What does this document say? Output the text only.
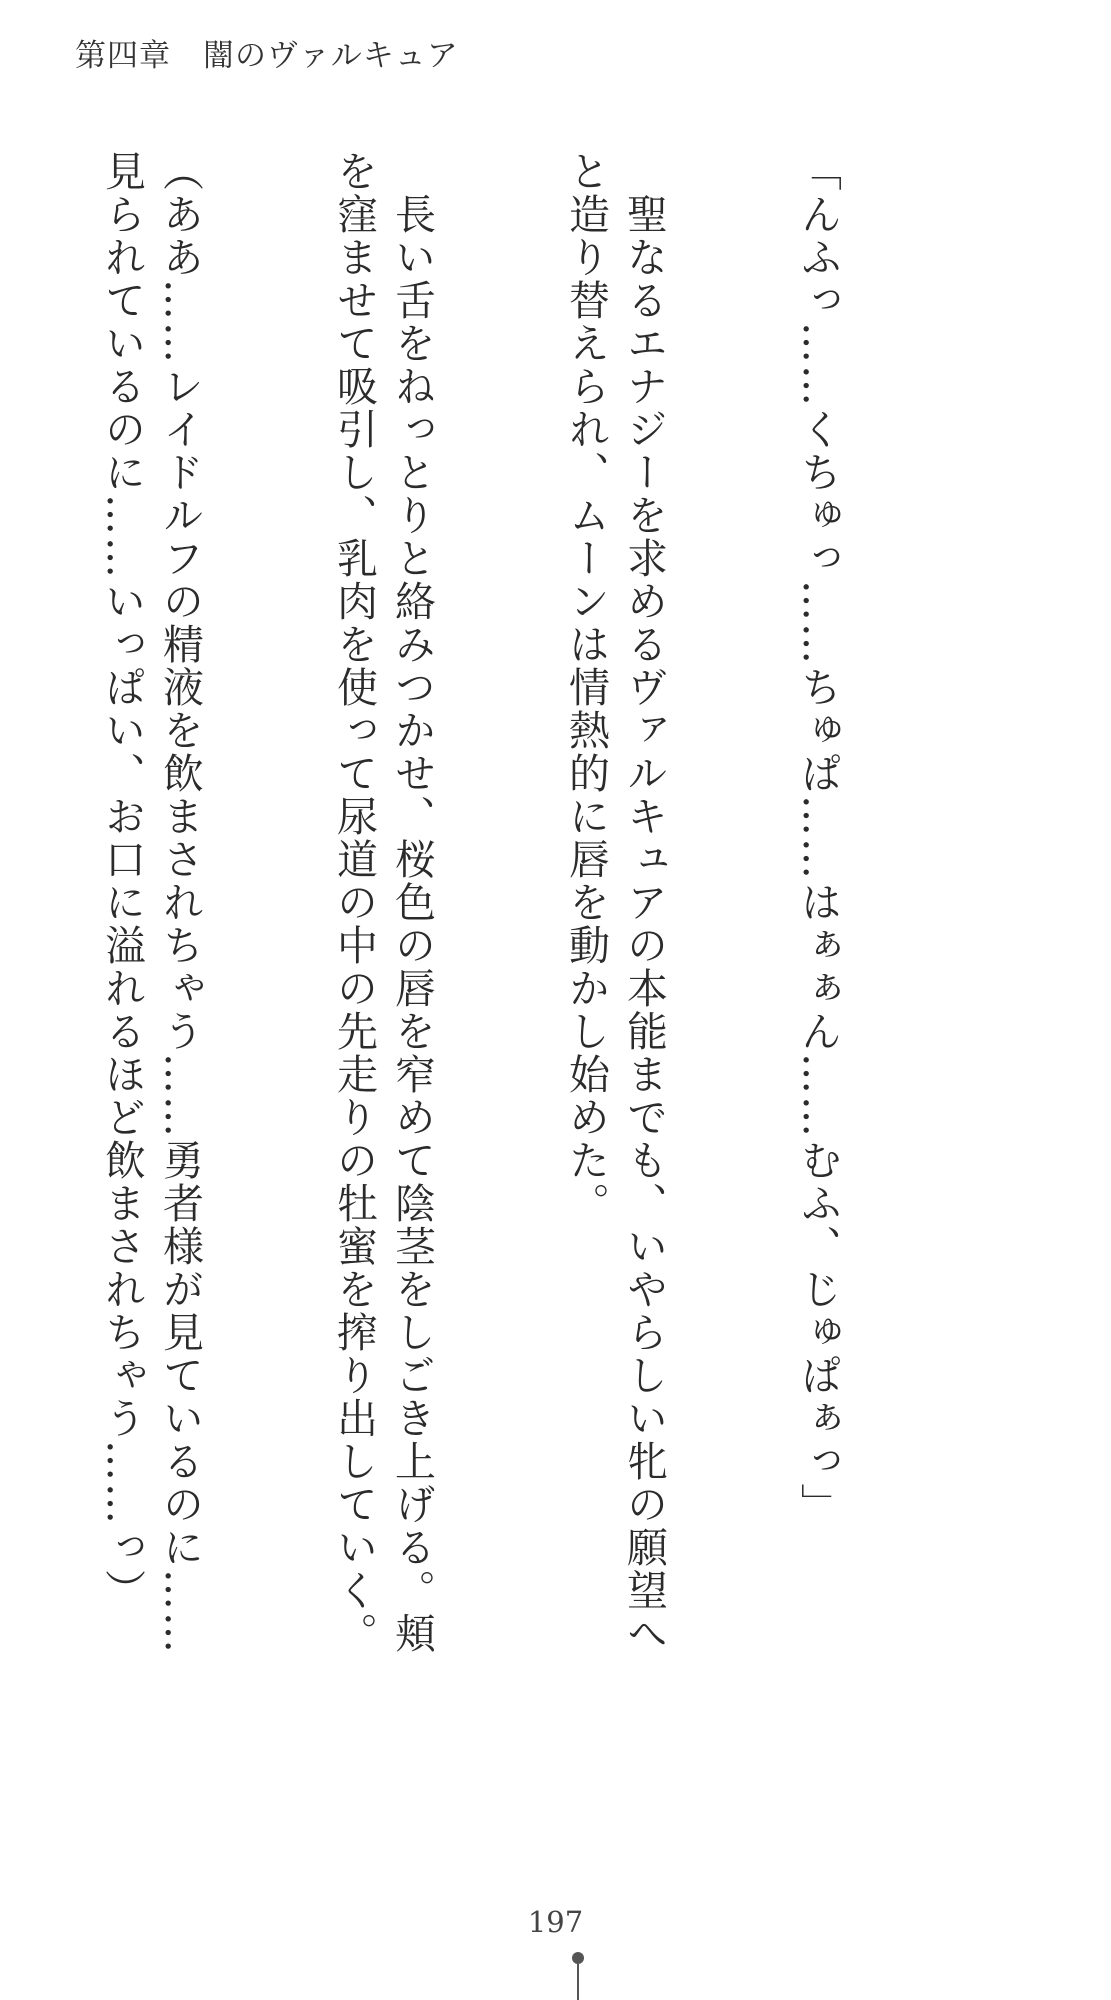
第四章　闇のヴァルキュア

「んふっ……くちゅっ……ちゅぱ……はぁぁん……むふ、じゅぱぁっ」

　聖なるエナジーを求めるヴァルキュアの本能までも、いやらしい牝の願望へと造り替えられ、ムーンは情熱的に唇を動かし始めた。

　長い舌をねっとりと絡みつかせ、桜色の唇を窄めて陰茎をしごき上げる。頬を窪ませて吸引し、乳肉を使って尿道の中の先走りの牡蜜を搾り出していく。

（ああ……レイドルフの精液を飲まされちゃう……勇者様が見ているのに……見られているのに……いっぱい、お口に溢れるほど飲まされちゃう……っ）

197
